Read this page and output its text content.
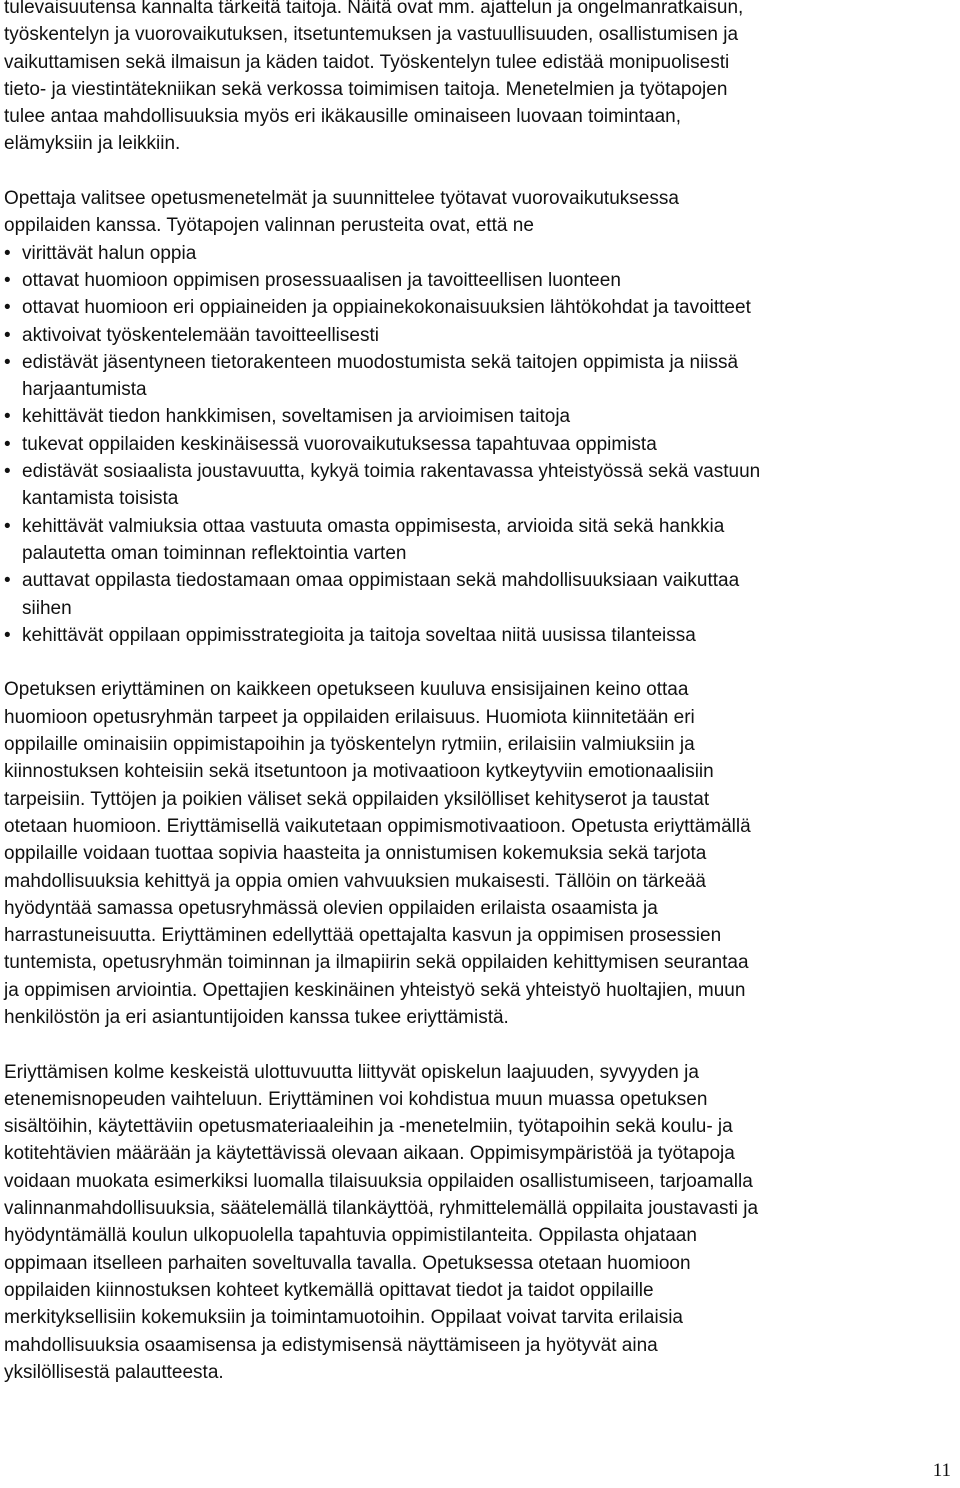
tulevaisuutensa kannalta tärkeitä taitoja. Näitä ovat mm. ajattelun ja ongelmanratkaisun,
työskentelyn ja vuorovaikutuksen, itsetuntemuksen ja vastuullisuuden, osallistumisen ja
vaikuttamisen sekä ilmaisun ja käden taidot. Työskentelyn tulee edistää monipuolisesti
tieto- ja viestintätekniikan sekä verkossa toimimisen taitoja. Menetelmien ja työtapojen
tulee antaa mahdollisuuksia myös eri ikäkausille ominaiseen luovaan toimintaan,
elämyksiin ja leikkiin.

Opettaja valitsee opetusmenetelmät ja suunnittelee työtavat vuorovaikutuksessa
oppilaiden kanssa. Työtapojen valinnan perusteita ovat, että ne

• virittävät halun oppia
• ottavat huomioon oppimisen prosessuaalisen ja tavoitteellisen luonteen
• ottavat huomioon eri oppiaineiden ja oppiainekokonaisuuksien lähtökohdat ja tavoitteet
• aktivoivat työskentelemään tavoitteellisesti
• edistävät jäsentyneen tietorakenteen muodostumista sekä taitojen oppimista ja niissä
harjaantumista
• kehittävät tiedon hankkimisen, soveltamisen ja arvioimisen taitoja
• tukevat oppilaiden keskinäisessä vuorovaikutuksessa tapahtuvaa oppimista
• edistävät sosiaalista joustavuutta, kykyä toimia rakentavassa yhteistyössä sekä vastuun
kantamista toisista
• kehittävät valmiuksia ottaa vastuuta omasta oppimisesta, arvioida sitä sekä hankkia
palautetta oman toiminnan reflektointia varten
• auttavat oppilasta tiedostamaan omaa oppimistaan sekä mahdollisuuksiaan vaikuttaa
siihen
• kehittävät oppilaan oppimisstrategioita ja taitoja soveltaa niitä uusissa tilanteissa

Opetuksen eriyttäminen on kaikkeen opetukseen kuuluva ensisijainen keino ottaa
huomioon opetusryhmän tarpeet ja oppilaiden erilaisuus. Huomiota kiinnitetään eri
oppilaille ominaisiin oppimistapoihin ja työskentelyn rytmiin, erilaisiin valmiuksiin ja
kiinnostuksen kohteisiin sekä itsetuntoon ja motivaatioon kytkeytyviin emotionaalisiin
tarpeisiin. Tyttöjen ja poikien väliset sekä oppilaiden yksilölliset kehityserot ja taustat
otetaan huomioon. Eriyttämisellä vaikutetaan oppimismotivaatioon. Opetusta eriyttämällä
oppilaille voidaan tuottaa sopivia haasteita ja onnistumisen kokemuksia sekä tarjota
mahdollisuuksia kehittyä ja oppia omien vahvuuksien mukaisesti. Tällöin on tärkeää
hyödyntää samassa opetusryhmässä olevien oppilaiden erilaista osaamista ja
harrastuneisuutta. Eriyttäminen edellyttää opettajalta kasvun ja oppimisen prosessien
tuntemista, opetusryhmän toiminnan ja ilmapiirin sekä oppilaiden kehittymisen seurantaa
ja oppimisen arviointia. Opettajien keskinäinen yhteistyö sekä yhteistyö huoltajien, muun
henkilöstön ja eri asiantuntijoiden kanssa tukee eriyttämistä.

Eriyttämisen kolme keskeistä ulottuvuutta liittyvät opiskelun laajuuden, syvyyden ja
etenemisnopeuden vaihteluun. Eriyttäminen voi kohdistua muun muassa opetuksen
sisältöihin, käytettäviin opetusmateriaaleihin ja -menetelmiin, työtapoihin sekä koulu- ja
kotitehtävien määrään ja käytettävissä olevaan aikaan. Oppimisympäristöä ja työtapoja
voidaan muokata esimerkiksi luomalla tilaisuuksia oppilaiden osallistumiseen, tarjoamalla
valinnanmahdollisuuksia, säätelemällä tilankäyttöä, ryhmittelemällä oppilaita joustavasti ja
hyödyntämällä koulun ulkopuolella tapahtuvia oppimistilanteita. Oppilasta ohjataan
oppimaan itselleen parhaiten soveltuvalla tavalla. Opetuksessa otetaan huomioon
oppilaiden kiinnostuksen kohteet kytkemällä opittavat tiedot ja taidot oppilaille
merkityksellisiin kokemuksiin ja toimintamuotoihin. Oppilaat voivat tarvita erilaisia
mahdollisuuksia osaamisensa ja edistymisensä näyttämiseen ja hyötyvät aina
yksilöllisestä palautteesta.

11
